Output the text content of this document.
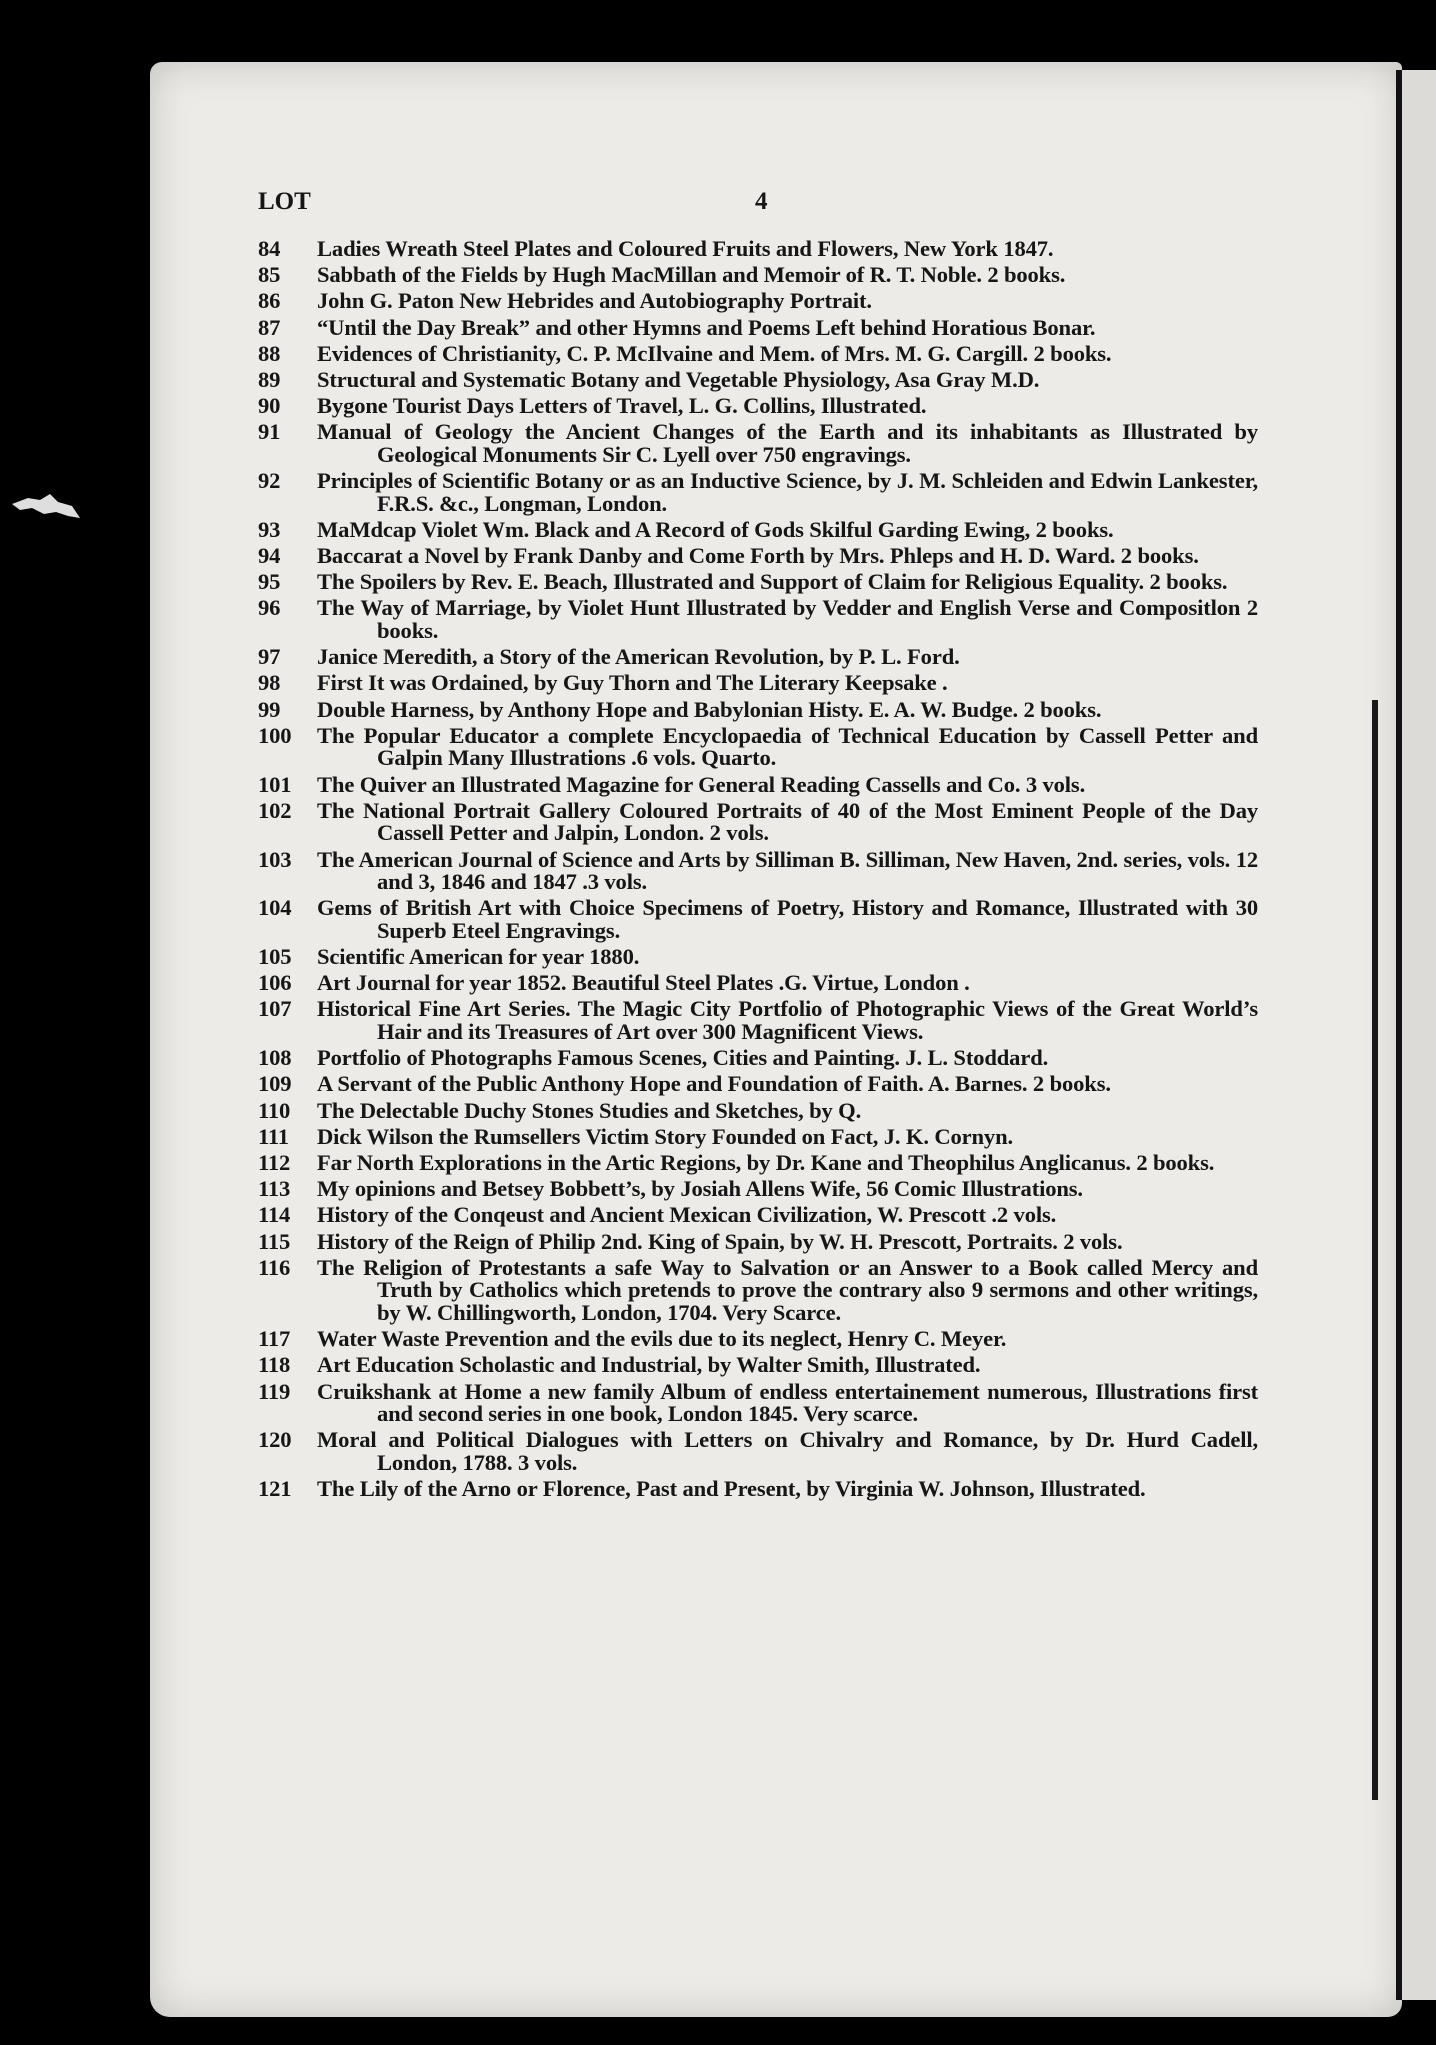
LOT	4
84	Ladies Wreath Steel Plates and Coloured Fruits and Flowers, New York 1847.
85	Sabbath of the Fields by Hugh MacMillan and Memoir of R. T. Noble. 2 books.
86	John G. Paton New Hebrides and Autobiography Portrait.
87	“Until the Day Break” and other Hymns and Poems Left behind Horatious Bonar.
88	Evidences of Christianity, C. P. McIlvaine and Mem. of Mrs. M. G. Cargill. 2 books.
89	Structural and Systematic Botany and Vegetable Physiology, Asa Gray M.D.
90	Bygone Tourist Days Letters of Travel, L. G. Collins, Illustrated.
91	Manual of Geology the Ancient Changes of the Earth and its inhabitants as Illustrated by Geological Monuments Sir C. Lyell over 750 engravings.
92	Principles of Scientific Botany or as an Inductive Science, by J. M. Schleiden and Edwin Lankester, F.R.S. &c., Longman, London.
93	MaMdcap Violet Wm. Black and A Record of Gods Skilful Garding Ewing, 2 books.
94	Baccarat a Novel by Frank Danby and Come Forth by Mrs. Phleps and H. D. Ward. 2 books.
95	The Spoilers by Rev. E. Beach, Illustrated and Support of Claim for Religious Equality. 2 books.
96	The Way of Marriage, by Violet Hunt Illustrated by Vedder and English Verse and Compositlon 2 books.
97	Janice Meredith, a Story of the American Revolution, by P. L. Ford.
98	First It was Ordained, by Guy Thorn and The Literary Keepsake .
99	Double Harness, by Anthony Hope and Babylonian Histy. E. A. W. Budge. 2 books.
100	The Popular Educator a complete Encyclopaedia of Technical Education by Cassell Petter and Galpin Many Illustrations .6 vols. Quarto.
101	The Quiver an Illustrated Magazine for General Reading Cassells and Co. 3 vols.
102	The National Portrait Gallery Coloured Portraits of 40 of the Most Eminent People of the Day Cassell Petter and Jalpin, London. 2 vols.
103	The American Journal of Science and Arts by Silliman B. Silliman, New Haven, 2nd. series, vols. 12 and 3, 1846 and 1847 .3 vols.
104	Gems of British Art with Choice Specimens of Poetry, History and Romance, Illustrated with 30 Superb Eteel Engravings.
105	Scientific American for year 1880.
106	Art Journal for year 1852. Beautiful Steel Plates .G. Virtue, London .
107	Historical Fine Art Series. The Magic City Portfolio of Photographic Views of the Great World’s Hair and its Treasures of Art over 300 Magnificent Views.
108	Portfolio of Photographs Famous Scenes, Cities and Painting. J. L. Stoddard.
109	A Servant of the Public Anthony Hope and Foundation of Faith. A. Barnes. 2 books.
110	The Delectable Duchy Stones Studies and Sketches, by Q.
111	Dick Wilson the Rumsellers Victim Story Founded on Fact, J. K. Cornyn.
112	Far North Explorations in the Artic Regions, by Dr. Kane and Theophilus Anglicanus. 2 books.
113	My opinions and Betsey Bobbett’s, by Josiah Allens Wife, 56 Comic Illustrations.
114	History of the Conqeust and Ancient Mexican Civilization, W. Prescott .2 vols.
115	History of the Reign of Philip 2nd. King of Spain, by W. H. Prescott, Portraits. 2 vols.
116	The Religion of Protestants a safe Way to Salvation or an Answer to a Book called Mercy and Truth by Catholics which pretends to prove the contrary also 9 sermons and other writings, by W. Chillingworth, London, 1704. Very Scarce.
117	Water Waste Prevention and the evils due to its neglect, Henry C. Meyer.
118	Art Education Scholastic and Industrial, by Walter Smith, Illustrated.
119	Cruikshank at Home a new family Album of endless entertainement numerous, Illustrations first and second series in one book, London 1845. Very scarce.
120	Moral and Political Dialogues with Letters on Chivalry and Romance, by Dr. Hurd Cadell, London, 1788. 3 vols.
121	The Lily of the Arno or Florence, Past and Present, by Virginia W. Johnson, Illustrated.
